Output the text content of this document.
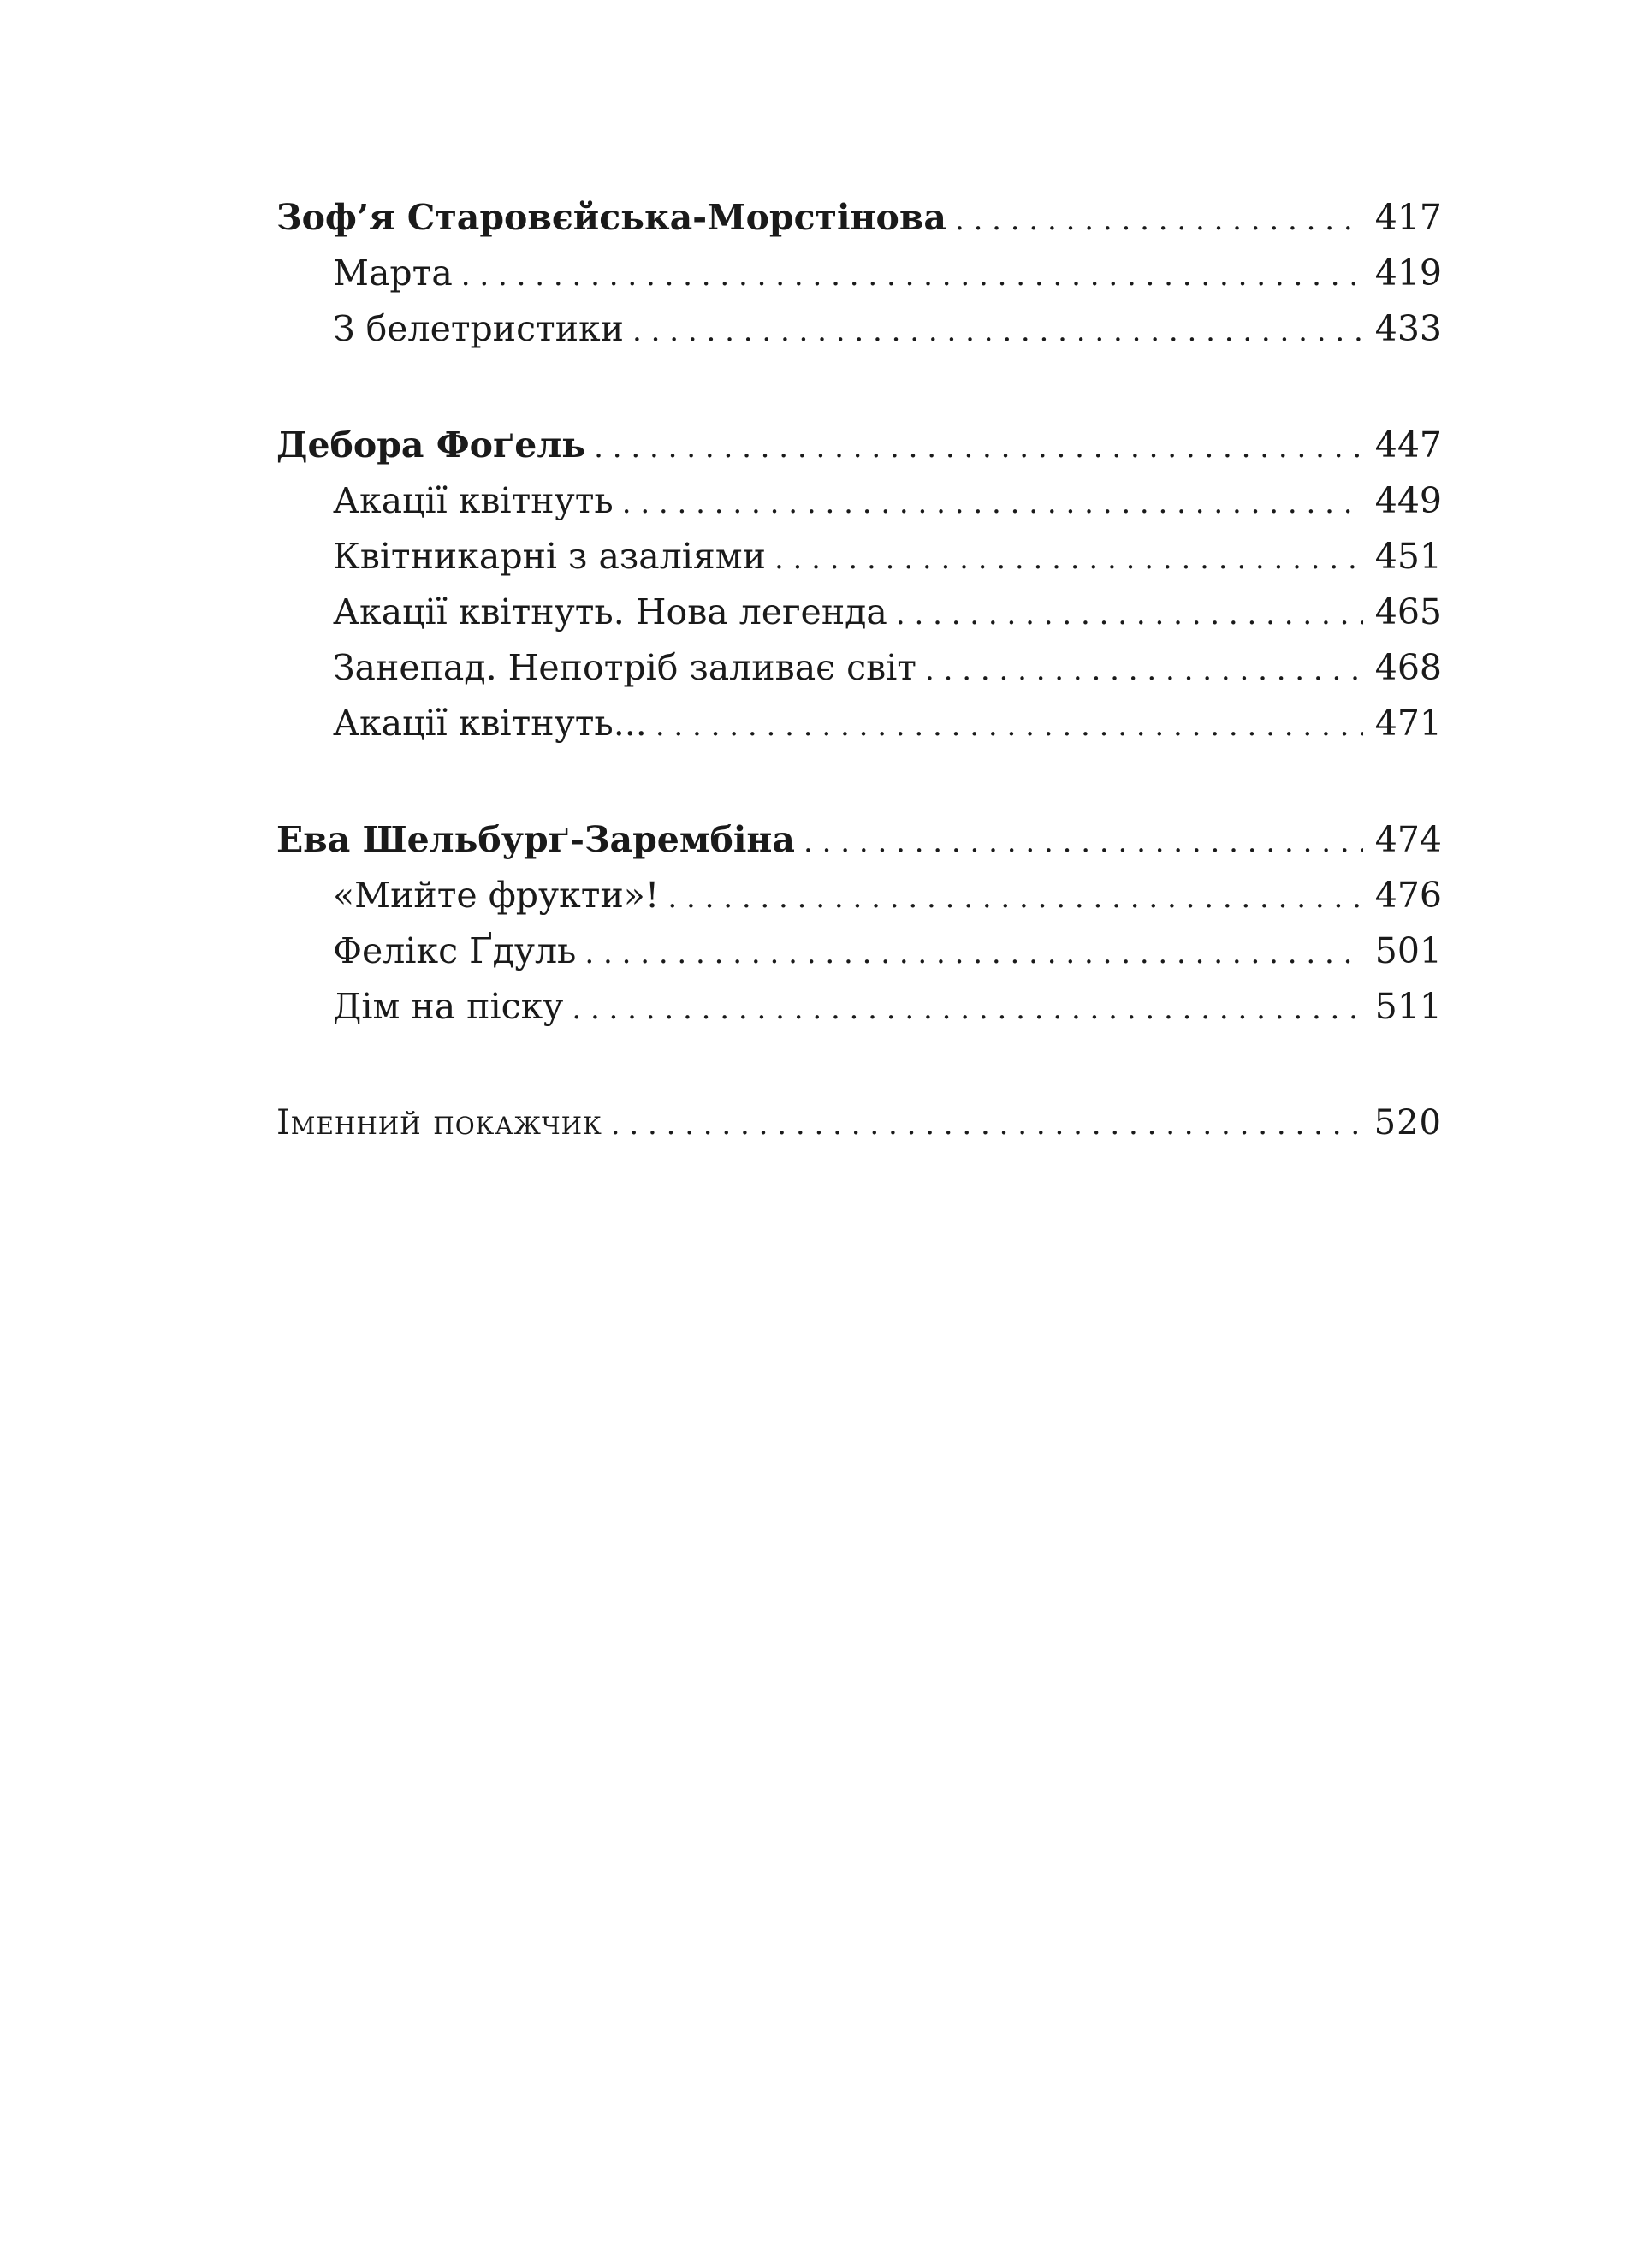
Зоф’я Старовєйська-Морстінова . . .	417
Марта . . .	419
З белетристики . . .	433
Дебора Фоґель . . .	447
Акації квітнуть . . .	449
Квітникарні з азаліями . . .	451
Акації квітнуть. Нова легенда . . .	465
Занепад. Непотріб заливає світ . . .	468
Акації квітнуть... . . .	471
Ева Шельбурґ-Зарембіна . . .	474
«Мийте фрукти»! . . .	476
Фелікс Ґдуль . . .	501
Дім на піску . . .	511
Іменний покажчик . . .	520
